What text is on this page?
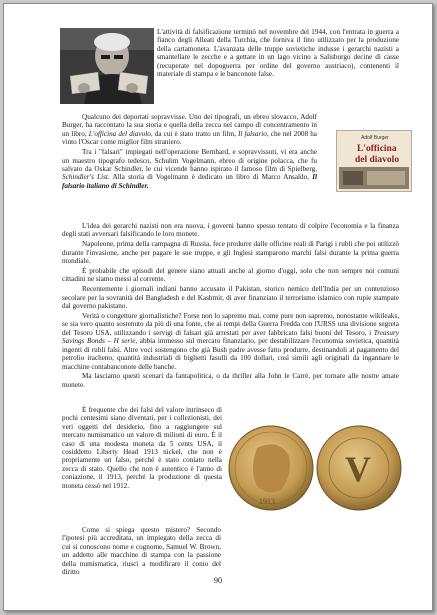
Adolf Burger
L'officina
del diavolo
1913
V

L'attività di falsificazione terminò nel novembre del 1944, con l'entrata in guerra a fianco degli Alleati della Turchia, che forniva il lino utilizzato per la produzione della cartamoneta. L'avanzata delle truppe sovietiche indusse i gerarchi nazisti a smantellare le zecche e a gettare in un lago vicino a Salisburgo decine di casse (recuperate nel dopoguerra per ordine del governo austriaco), contenenti il materiale di stampa e le banconote false.

Qualcuno dei deportati sopravvisse. Uno dei tipografi, un ebreo slovacco, Adolf Burger, ha raccontato la sua storia e quella della zecca nel campo di concentramento in un libro, L'officina del diavolo, da cui è stato tratto un film, Il falsario, che nel 2008 ha vinto l'Oscar come miglior film straniero.

Tra i "falsari" impiegati nell'operazione Bernhard, e sopravvissuti, vi era anche un maestro tipografo tedesco, Schulim Vogelmann, ebreo di origine polacca, che fu salvato da Oskar Schindler, le cui vicende hanno ispirato il famoso film di Spielberg, Schindler's List. Alla storia di Vogelmann è dedicato un libro di Marco Ansaldo, Il falsario italiano di Schindler.

L'idea dei gerarchi nazisti non era nuova, i governi hanno spesso tentato di colpire l'economia e la finanza degli stati avversari falsificando le loro monete.

Napoleone, prima della campagna di Russia, fece produrre dalle officine reali di Parigi i rubli che poi utilizzò durante l'invasione, anche per pagare le sue truppe, e gli Inglesi stamparono marchi falsi durante la prima guerra mondiale.

È probabile che episodi del genere siano attuali anche al giorno d'oggi, solo che non sempre noi comuni cittadini ne siamo messi al corrente.

Recentemente i giornali indiani hanno accusato il Pakistan, storico nemico dell'India per un contenzioso secolare per la sovranità del Bangladesh e del Kashmir, di aver finanziato il terrorismo islamico con rupie stampate dal governo pakistano.

Verità o congetture giornalistiche? Forse non lo sapremo mai, come pure non sapremo, nonostante wikileaks, se sia vero quanto sostenuto da più di una fonte, che ai tempi della Guerra Fredda con l'URSS una divisione segreta del Tesoro USA, utilizzando i servigi di falsari già arrestati per aver fabbricato falsi buoni del Tesoro, i Treasury Savings Bonds – H serie, abbia immesso sul mercato finanziario, per destabilizzare l'economia sovietica, quantità ingenti di rubli falsi. Altre voci sostengono che già Bush padre avesse fatto produrre, destinandoli al pagamento del petrolio iracheno, quantità industriali di biglietti fasulli da 100 dollari, così simili agli originali da ingannare le macchine contabanconote delle banche.

Ma lasciamo questi scenari da fantapolitica, o da thriller alla John le Carrè, per tornare alle nostre amate monete.

È frequente che dei falsi del valore intrinseco di pochi centesimi siano diventati, per i collezionisti, dei veri oggetti del desiderio, fino a raggiungere sul mercato numismatico un valore di milioni di euro. È il caso di una modesta moneta da 5 cents USA, il cosiddetto Liberty Head 1913 nickel, che non è propriamente un falso, perché è stato coniato nella zecca di stato. Quello che non è autentico è l'anno di coniazione, il 1913, perché la produzione di questa moneta cessò nel 1912.

Come si spiega questo mistero? Secondo l'ipotesi più accreditata, un impiegato della zecca di cui si conoscono nome e cognome, Samuel W. Brown, un addetto alle macchine di stampa con la passione della numismatica, riuscì a modificare il conio del diritto

90
